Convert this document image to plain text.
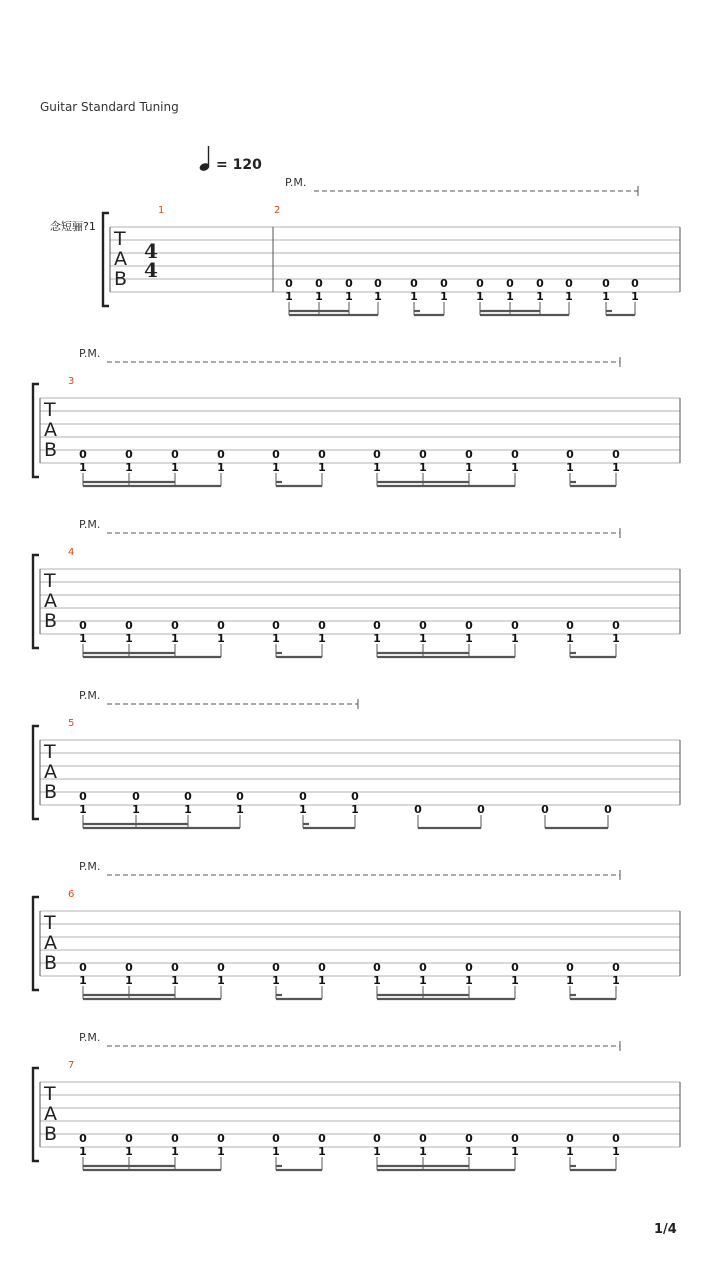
Guitar Standard Tuning
= 120
念短骊?1
1/4
T
A
B
4
4
1	2
P.M.
0
1
0
1
0
1
0
1
0
1
0
1
0
1
0
1
0
1
0
1
0
1
0
1
T
A
B
3
P.M.
0
1
0
1
0
1
0
1
0
1
0
1
0
1
0
1
0
1
0
1
0
1
0
1
T
A
B
4
P.M.
0
1
0
1
0
1
0
1
0
1
0
1
0
1
0
1
0
1
0
1
0
1
0
1
T
A
B
5
P.M.
0
1
0
1
0
1
0
1
0
1
0
1	0	0	0	0
T
A
B
6
P.M.
0
1
0
1
0
1
0
1
0
1
0
1
0
1
0
1
0
1
0
1
0
1
0
1
T
A
B
7
P.M.
0
1
0
1
0
1
0
1
0
1
0
1
0
1
0
1
0
1
0
1
0
1
0
1
